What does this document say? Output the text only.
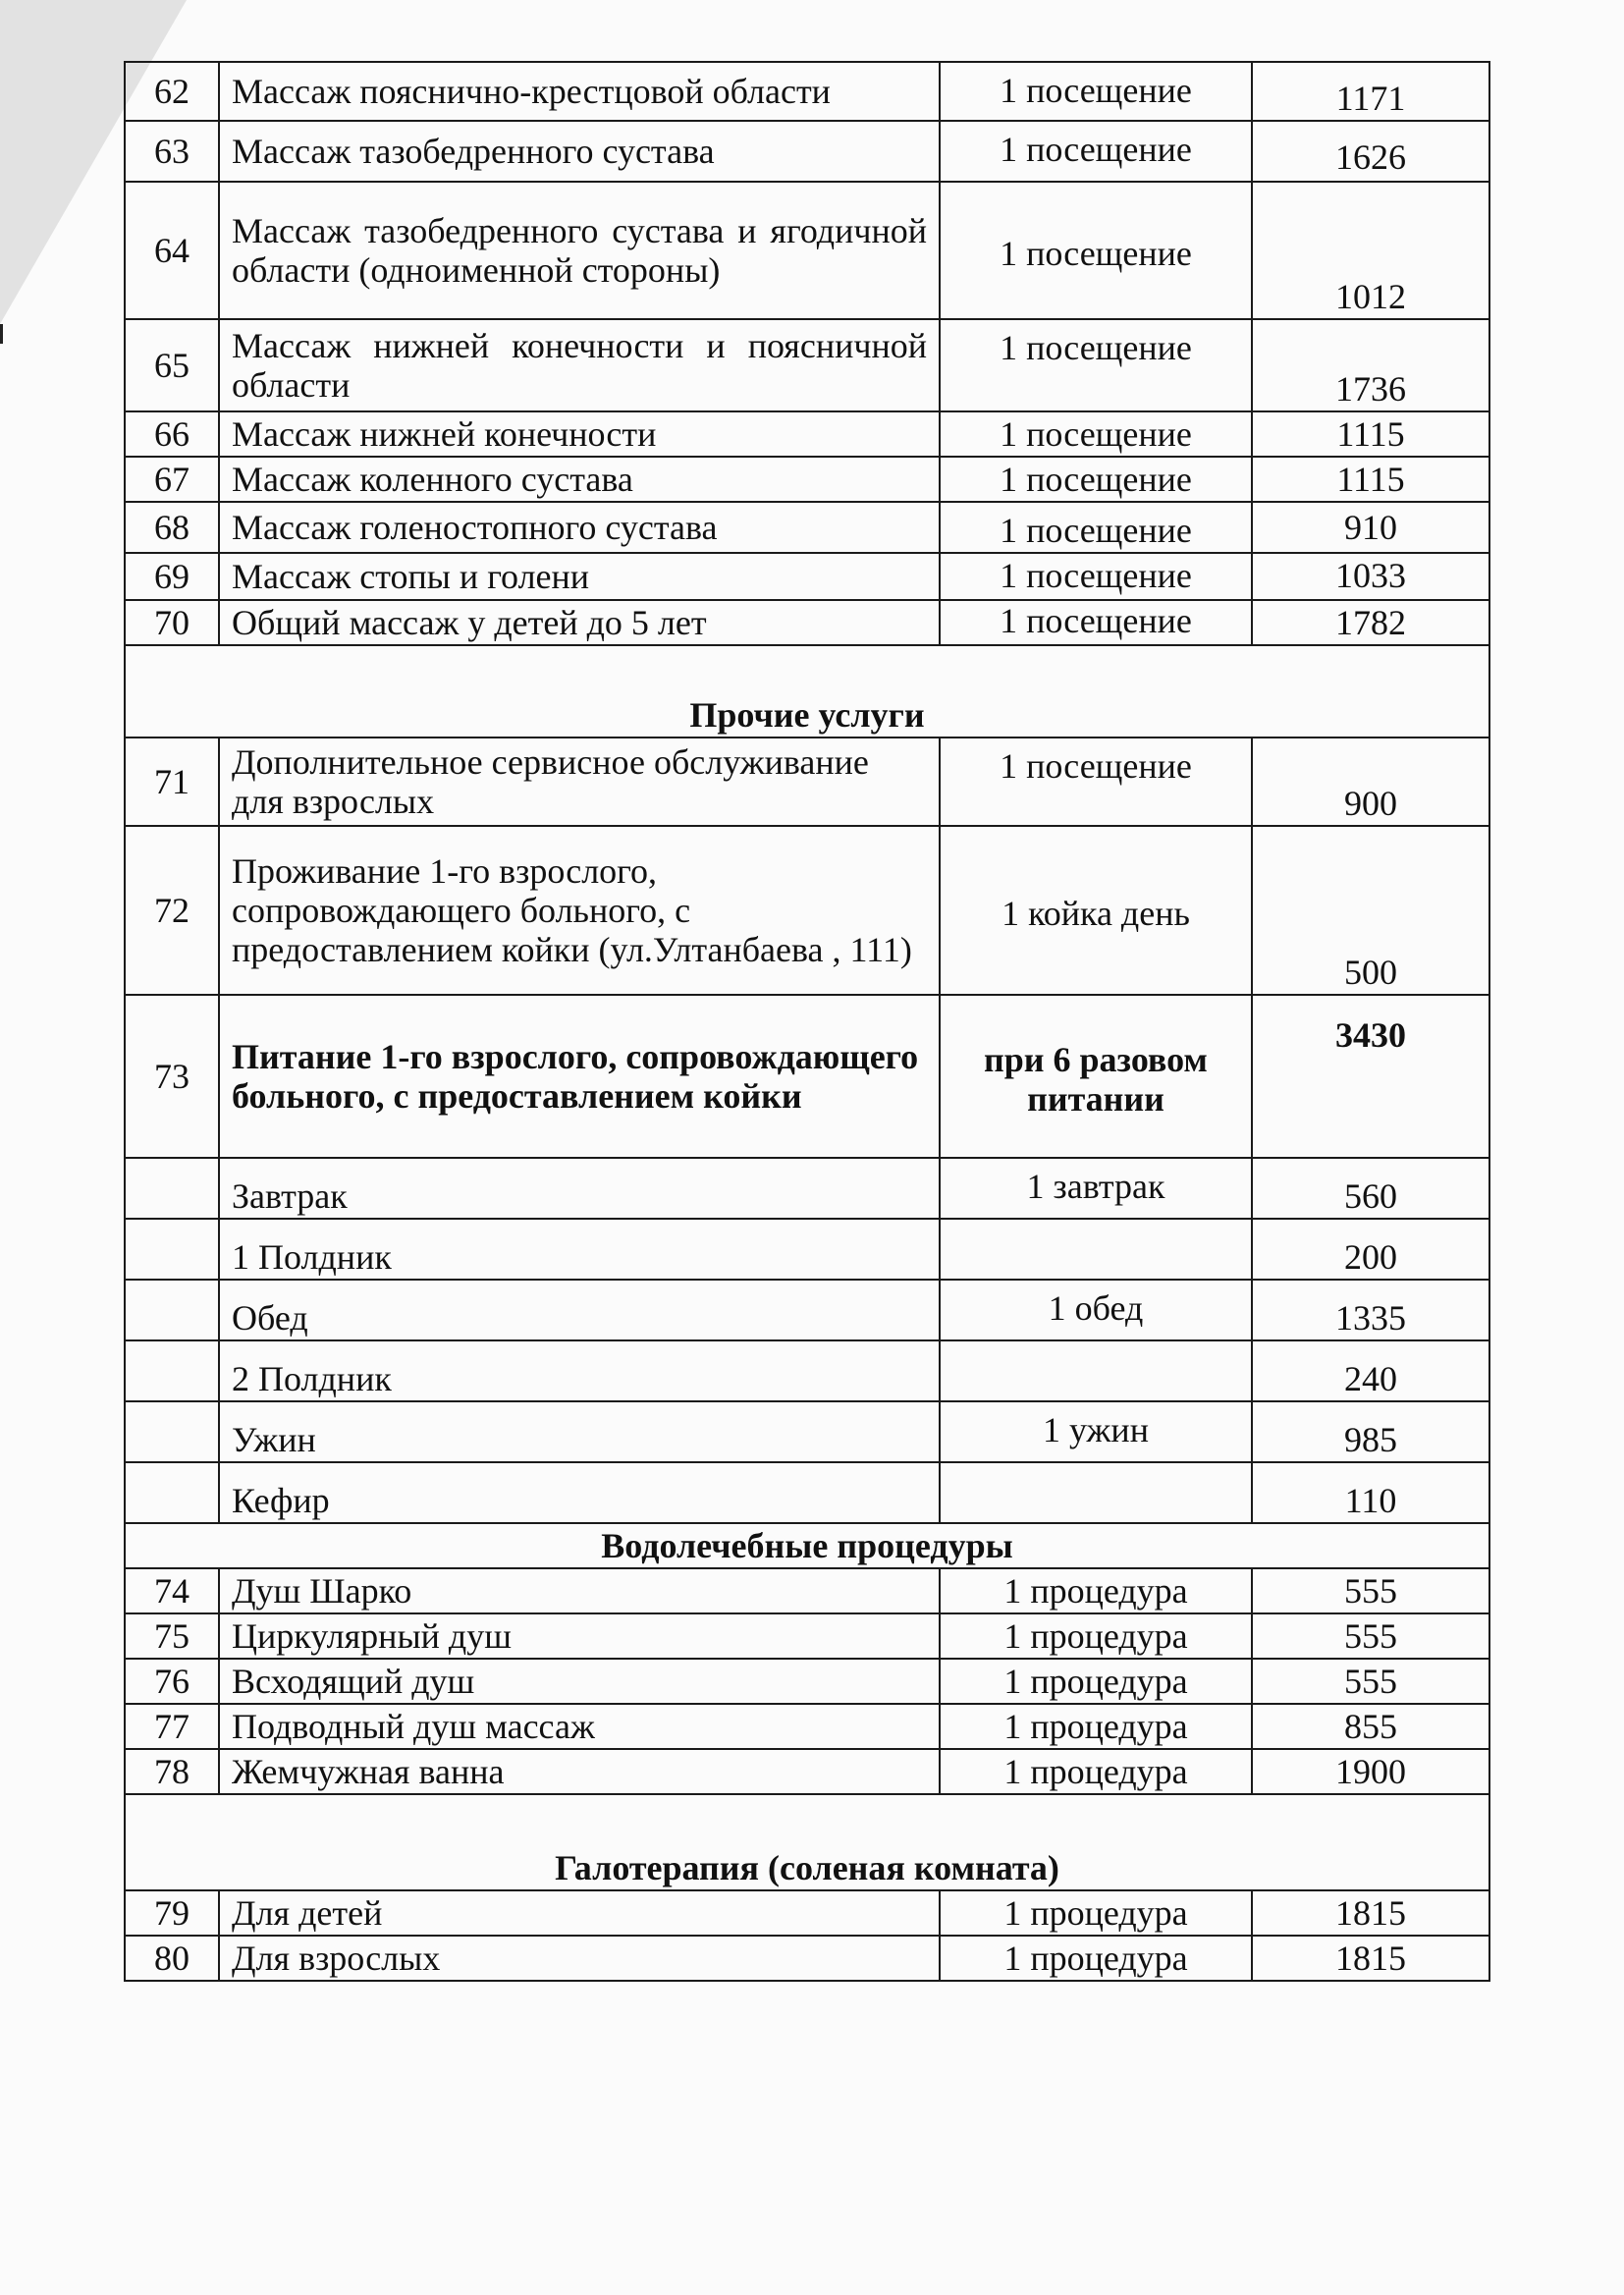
62	Массаж пояснично-крестцовой области	1 посещение	1171
63	Массаж тазобедренного сустава	1 посещение	1626
64	Массаж тазобедренного сустава и ягодичной области (одноименной стороны)	1 посещение	1012
65	Массаж нижней конечности и поясничной области	1 посещение	1736
66	Массаж нижней конечности	1 посещение	1115
67	Массаж коленного сустава	1 посещение	1115
68	Массаж голеностопного сустава	1 посещение	910
69	Массаж стопы и голени	1 посещение	1033
70	Общий массаж у детей до 5 лет	1 посещение	1782
Прочие услуги			
71	Дополнительное сервисное обслуживание для взрослых	1 посещение	900
72	Проживание 1-го взрослого, сопровождающего больного, с предоставлением койки (ул.Ултанбаева , 111)	1 койка день	500
73	Питание 1-го взрослого, сопровождающего больного, с предоставлением койки	при 6 разовом питании	3430
	Завтрак	1 завтрак	560
	1 Полдник		200
	Обед	1 обед	1335
	2 Полдник		240
	Ужин	1 ужин	985
	Кефир		110
Водолечебные процедуры			
74	Душ Шарко	1 процедура	555
75	Циркулярный душ	1 процедура	555
76	Всходящий душ	1 процедура	555
77	Подводный душ массаж	1 процедура	855
78	Жемчужная ванна	1 процедура	1900
Галотерапия (соленая комната)			
79	Для детей	1 процедура	1815
80	Для взрослых	1 процедура	1815
